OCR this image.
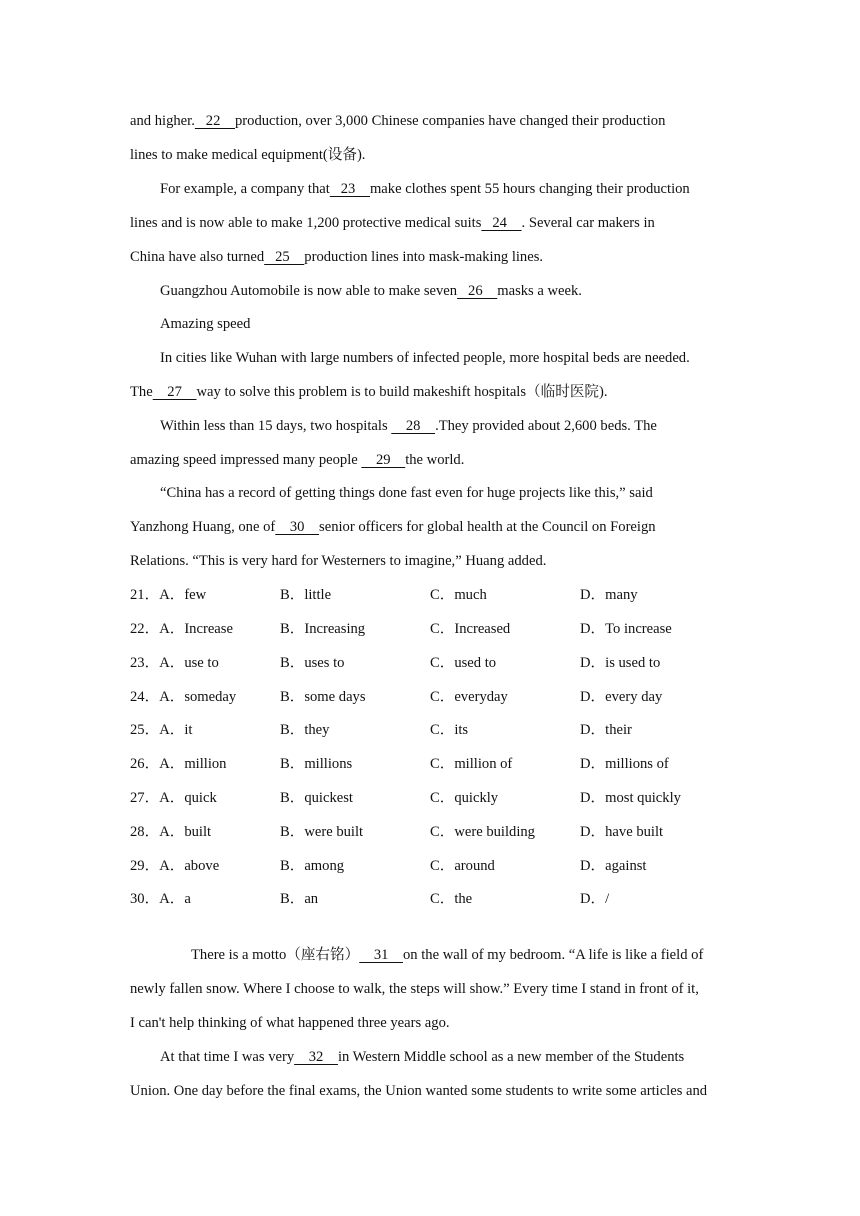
and higher.   22    production, over 3,000 Chinese companies have changed their production
lines to make medical equipment(设备).
For example, a company that   23    make clothes spent 55 hours changing their production
lines and is now able to make 1,200 protective medical suits   24    . Several car makers in
China have also turned   25    production lines into mask-making lines.
Guangzhou Automobile is now able to make seven   26    masks a week.
Amazing speed
In cities like Wuhan with large numbers of infected people, more hospital beds are needed.
The    27    way to solve this problem is to build makeshift hospitals（临时医院).
Within less than 15 days, two hospitals     28    .They provided about 2,600 beds. The
amazing speed impressed many people     29    the world.
“China has a record of getting things done fast even for huge projects like this,” said
Yanzhong Huang, one of    30    senior officers for global health at the Council on Foreign
Relations. “This is very hard for Westerners to imagine,” Huang added.
21．A．few	B．little	C．much	D．many
22．A．Increase	B．Increasing	C．Increased	D．To increase
23．A．use to	B．uses to	C．used to	D．is used to
24．A．someday	B．some days	C．everyday	D．every day
25．A．it	B．they	C．its	D．their
26．A．million	B．millions	C．million of	D．millions of
27．A．quick	B．quickest	C．quickly	D．most quickly
28．A．built	B．were built	C．were building	D．have built
29．A．above	B．among	C．around	D．against
30．A．a	B．an	C．the	D．/
There is a motto（座右铭）    31    on the wall of my bedroom. “A life is like a field of
newly fallen snow. Where I choose to walk, the steps will show.” Every time I stand in front of it,
I can't help thinking of what happened three years ago.
At that time I was very    32    in Western Middle school as a new member of the Students
Union. One day before the final exams, the Union wanted some students to write some articles and
